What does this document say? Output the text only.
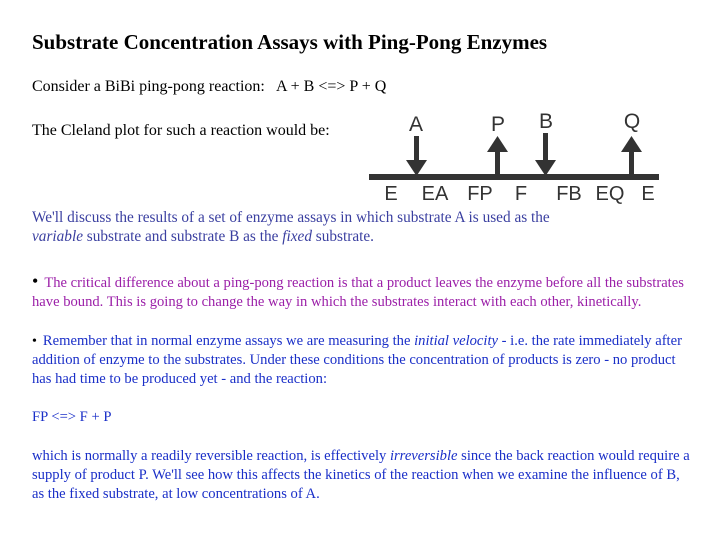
Substrate Concentration Assays with Ping-Pong Enzymes
Consider a BiBi ping-pong reaction: A + B <=> P + Q
The Cleland plot for such a reaction would be:	A	P B	Q
E EA FP F FB EQ E

We'll discuss the results of a set of enzyme assays in which substrate A is used as the
variable substrate and substrate B as the fixed substrate.

• The critical difference about a ping-pong reaction is that a product leaves the enzyme before all the substrates have bound. This is going to change the way in which the substrates interact with each other, kinetically.

• Remember that in normal enzyme assays we are measuring the initial velocity - i.e. the rate immediately after addition of enzyme to the substrates. Under these conditions the concentration of products is zero - no product has had time to be produced yet - and the reaction:

FP <=> F + P

which is normally a readily reversible reaction, is effectively irreversible since the back reaction would require a supply of product P. We'll see how this affects the kinetics of the reaction when we examine the influence of B, as the fixed substrate, at low concentrations of A.
